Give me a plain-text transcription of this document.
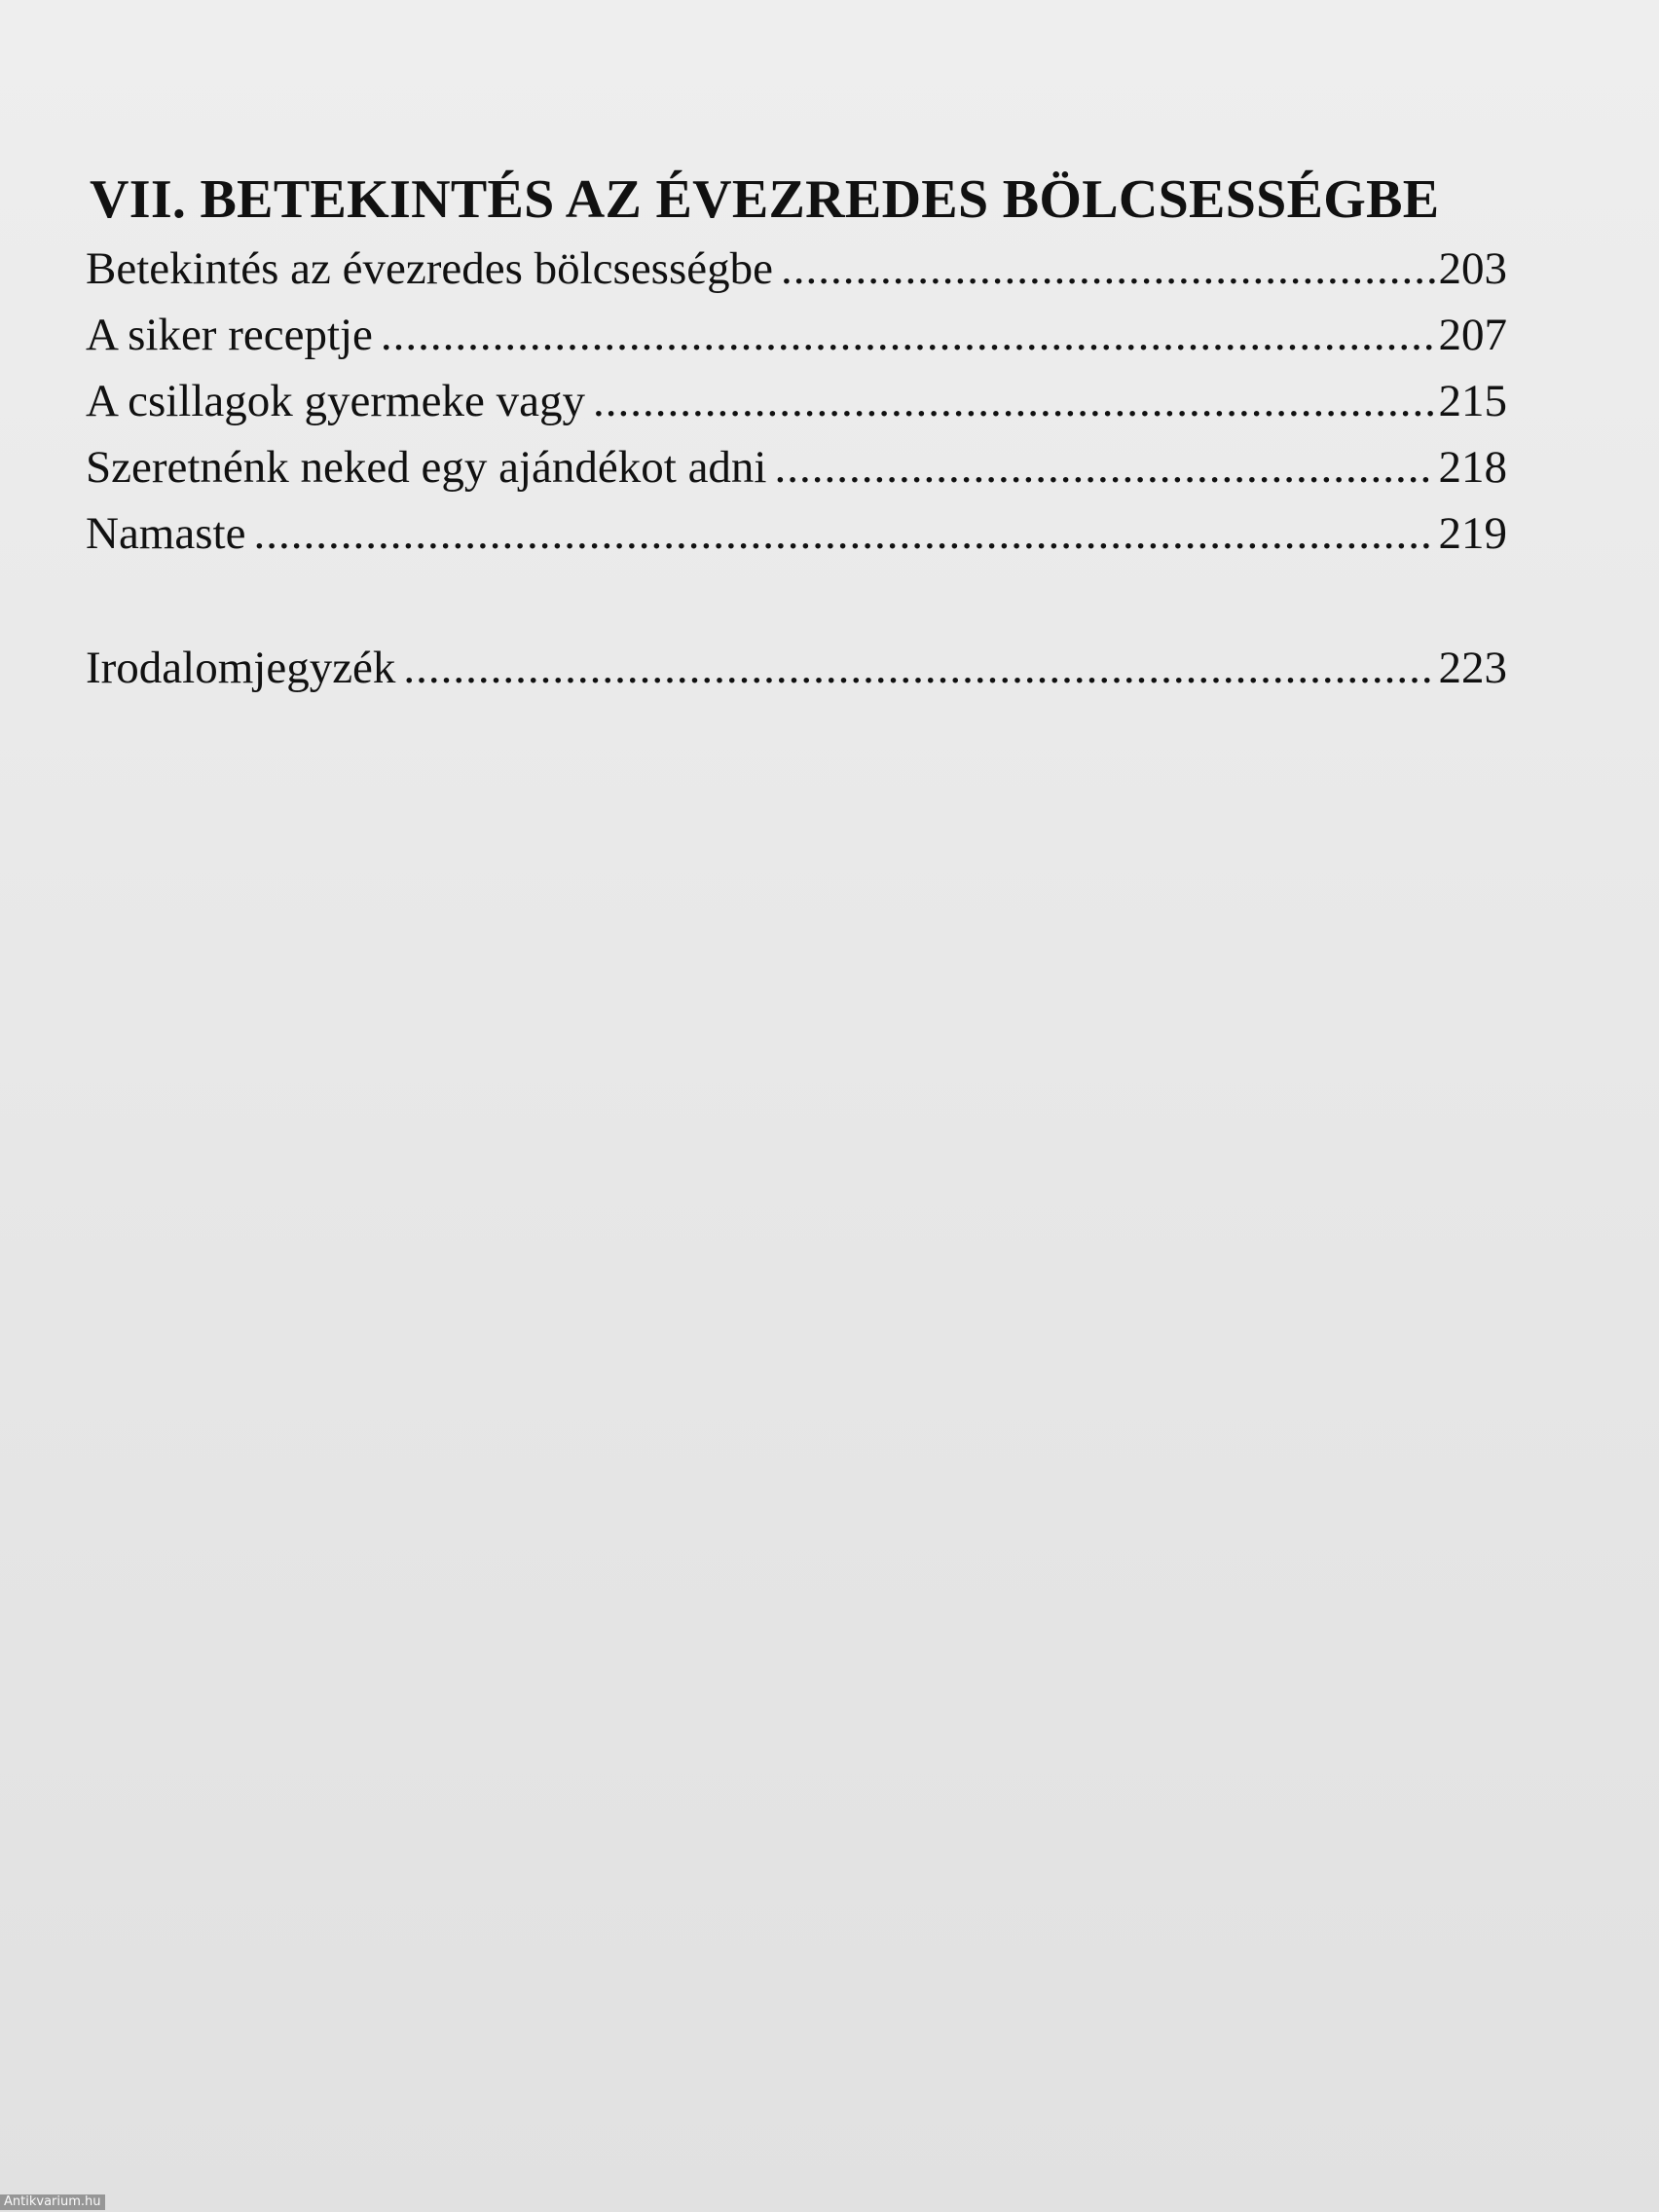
VII. BETEKINTÉS AZ ÉVEZREDES BÖLCSESSÉGBE
Betekintés az évezredes bölcsességbe .....	203
A siker receptje .....	207
A csillagok gyermeke vagy .....	215
Szeretnénk neked egy ajándékot adni .....	218
Namaste .....	219
Irodalomjegyzék .....	223
Antikvarium.hu
